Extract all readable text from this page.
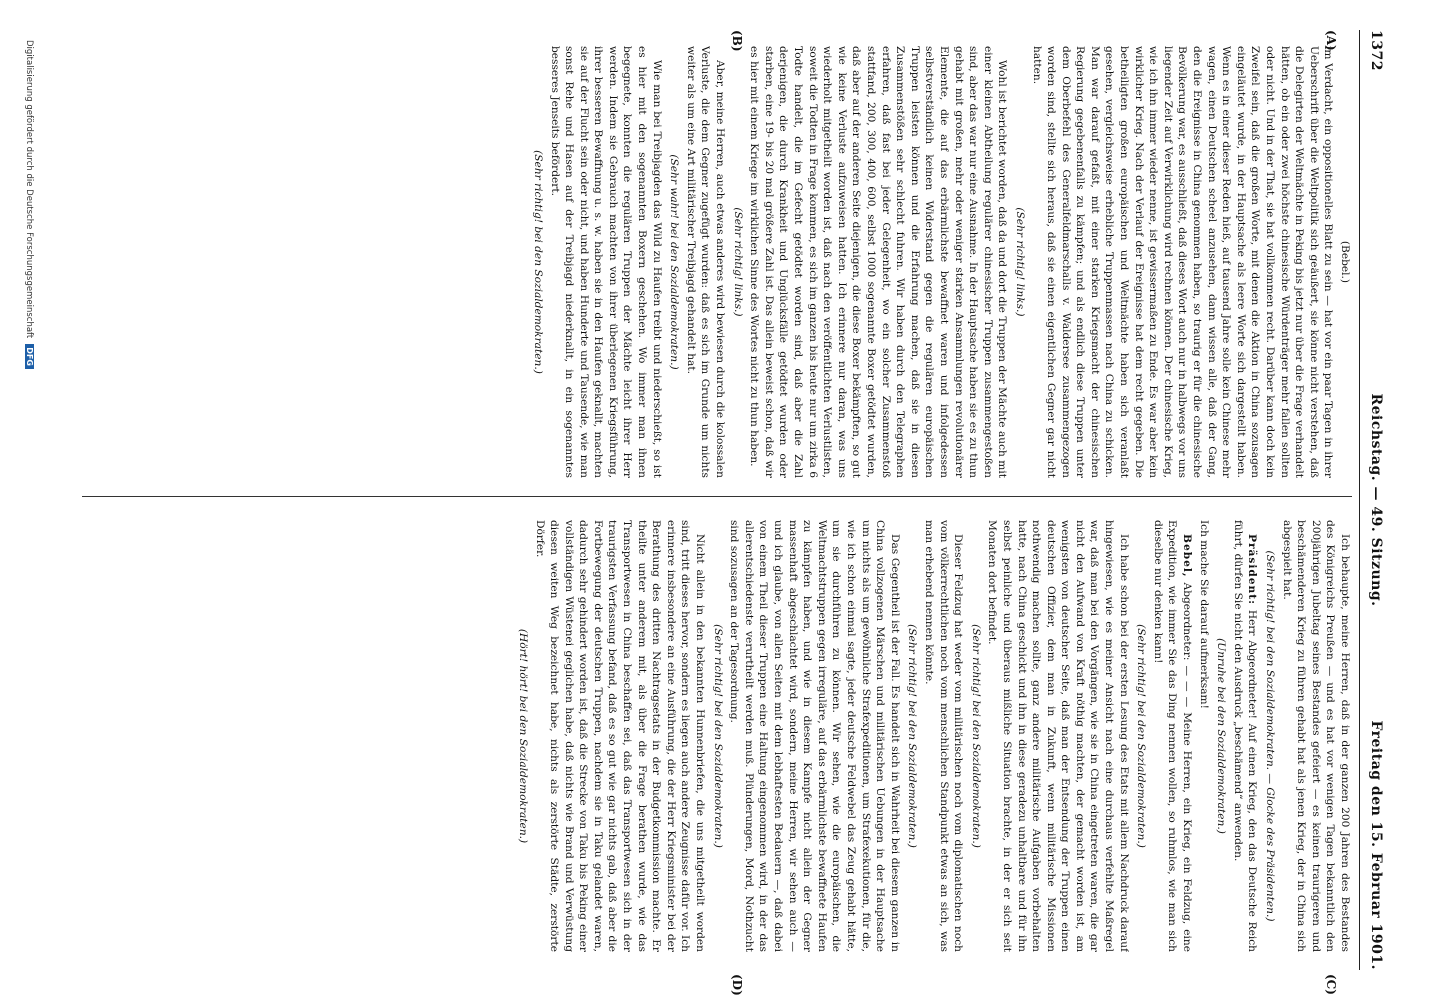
1372
Reichstag. — 49. Sitzung.
Freitag den 15. Februar 1901.
(A)
(B)
(C)
(D)

(Bebel.)

im Verdacht, ein oppositionelles Blatt zu sein — hat vor ein paar Tagen in ihrer Ueberschrift über die Weltpolitik sich geäußert, sie könne nicht verstehen, daß die Delegirten der Weltmächte in Peking bis jetzt nur über die Frage verhandelt hätten, ob ein oder zwei höchste chinesische Würdenträger mehr fallen sollten oder nicht. Und in der That, sie hat vollkommen recht. Darüber kann doch kein Zweifel sein, daß die großen Worte, mit denen die Aktion in China sozusagen eingeläutet wurde, in der Hauptsache als leere Worte sich dargestellt haben. Wenn es in einer dieser Reden hieß, auf tausend Jahre solle kein Chinese mehr wagen, einen Deutschen scheel anzusehen, dann wissen alle, daß der Gang, den die Ereignisse in China genommen haben, so traurig er für die chinesische Bevölkerung war, es ausschließt, daß dieses Wort auch nur in halbwegs vor uns liegender Zeit auf Verwirklichung wird rechnen können. Der chinesische Krieg, wie ich ihn immer wieder nenne, ist gewissermaßen zu Ende. Es war aber kein wirklicher Krieg. Nach der Verlauf der Ereignisse hat dem recht gegeben. Die betheiligten großen europäischen und Weltmächte haben sich veranlaßt gesehen, vergleichsweise erhebliche Truppenmassen nach China zu schicken. Man war darauf gefaßt, mit einer starken Kriegsmacht der chinesischen Regierung gegebenenfalls zu kämpfen; und als endlich diese Truppen unter dem Oberbefehl des Generalfeldmarschalls v. Waldersee zusammengezogen worden sind, stellte sich heraus, daß sie einen eigentlichen Gegner gar nicht hatten.

(Sehr richtig! links.)

Wohl ist berichtet worden, daß da und dort die Truppen der Mächte auch mit einer kleinen Abtheilung regulärer chinesischer Truppen zusammengestoßen sind, aber das war nur eine Ausnahme. In der Hauptsache haben sie es zu thun gehabt mit großen, mehr oder weniger starken Ansammlungen revolutionärer Elemente, die auf das erbärmlichste bewaffnet waren und infolgedessen selbstverständlich keinen Widerstand gegen die regulären europäischen Truppen leisten können und die Erfahrung machen, daß sie in diesen Zusammenstößen sehr schlecht fuhren. Wir haben durch den Telegraphen erfahren, daß fast bei jeder Gelegenheit, wo ein solcher Zusammenstoß stattfand, 200, 300, 400, 600, selbst 1000 sogenannte Boxer getödtet wurden, daß aber auf der anderen Seite diejenigen, die diese Boxer bekämpften, so gut wie keine Verluste aufzuweisen hatten. Ich erinnere nur daran, was uns wiederholt mitgetheilt worden ist, daß nach den veröffentlichten Verlustlisten, soweit die Todten in Frage kommen, es sich im ganzen bis heute nur um zirka 6 Todte handelt, die im Gefecht getödtet worden sind, daß aber die Zahl derjenigen, die durch Krankheit und Unglücksfälle getödtet wurden oder starben, eine 19- bis 20 mal größere Zahl ist. Das allein beweist schon, daß wir es hier mit einem Kriege im wirklichen Sinne des Wortes nicht zu thun haben.

(Sehr richtig! links.)

Aber, meine Herren, auch etwas anderes wird bewiesen durch die kolossalen Verluste, die dem Gegner zugefügt wurden: daß es sich im Grunde um nichts weiter als um eine Art militärischer Treibjagd gehandelt hat.

(Sehr wahr! bei den Sozialdemokraten.)

Wie man bei Treibjagden das Wild zu Haufen treibt und niederschießt, so ist es hier mit den sogenannten Boxern geschehen. Wo immer man ihnen begegnete, konnten die regulären Truppen der Mächte leicht ihrer Herr werden. Indem sie Gebrauch machten von ihrer überlegenen Kriegsführung, ihrer besseren Bewaffnung u. s. w. haben sie in den Haufen geknallt, machten sie auf der Flucht sein oder nicht, und haben Hunderte und Tausende, wie man sonst Rehe und Hasen auf der Treibjagd niederknallt, in ein sogenanntes besseres Jenseits befördert.

(Sehr richtig! bei den Sozialdemokraten.)

Ich behaupte, meine Herren, daß in der ganzen 200 Jahren des Bestandes des Königreichs Preußen — und es hat vor wenigen Tagen bekanntlich den 200jährigen Jubeltag seines Bestandes gefeiert — es keinen traurigeren und beschämenderen Krieg zu führen gehabt hat als jenen Krieg, der in China sich abgespielt hat.

(Sehr richtig! bei den Sozialdemokraten. — Glocke des Präsidenten.)

Präsident: Herr Abgeordneter! Auf einen Krieg, den das Deutsche Reich führt, dürfen Sie nicht den Ausdruck „beschämend“ anwenden.

(Unruhe bei den Sozialdemokraten.)

Ich mache Sie darauf aufmerksam!

Bebel, Abgeordneter: — — — Meine Herren, ein Krieg, ein Feldzug, eine Expedition, wie immer Sie das Ding nennen wollen, so ruhmlos, wie man sich dieselbe nur denken kann!

(Sehr richtig! bei den Sozialdemokraten.)

Ich habe schon bei der ersten Lesung des Etats mit allem Nachdruck darauf hingewiesen, wie es meiner Ansicht nach eine durchaus verfehlte Maßregel war, daß man bei den Vorgängen, wie sie in China eingetreten waren, die gar nicht den Aufwand von Kraft nöthig machten, der gemacht worden ist, am wenigsten von deutscher Seite, daß man der Entsendung der Truppen einen deutschen Offizier, dem man in Zukunft, wenn militärische Missionen nothwendig machen sollte, ganz andere militärische Aufgaben vorbehalten hatte, nach China geschickt und ihn in diese geradezu unhaltbare und für ihn selbst peinliche und überaus mißliche Situation brachte, in der er sich seit Monaten dort befindet.

(Sehr richtig! bei den Sozialdemokraten.)

Dieser Feldzug hat weder vom militärischen noch vom diplomatischen noch vom völkerrechtlichen noch vom menschlichen Standpunkt etwas an sich, was man erhebend nennen könnte.

(Sehr richtig! bei den Sozialdemokraten.)

Das Gegentheil ist der Fall. Es handelt sich in Wahrheit bei diesem ganzen in China vollzogenen Märschen und militärischen Uebungen in der Hauptsache um nichts als um gewöhnliche Strafexpeditionen, um Strafexekutionen, für die, wie ich schon einmal sagte, jeder deutsche Feldwebel das Zeug gehabt hätte, um sie durchführen zu können. Wir sehen, wie die europäischen, die Weltmachtstruppen gegen irreguläre, auf das erbärmlichste bewaffnete Haufen zu kämpfen haben, und wie in diesem Kampfe nicht allein der Gegner massenhaft abgeschlachtet wird, sondern, meine Herren, wir sehen auch — und ich glaube, von allen Seiten mit dem lebhaftesten Bedauern —, daß dabei von einem Theil dieser Truppen eine Haltung eingenommen wird, in der das allerentschiedenste verurtheilt werden muß. Plünderungen, Mord, Nothzucht sind sozusagen an der Tagesordnung.

(Sehr richtig! bei den Sozialdemokraten.)

Nicht allein in den bekannten Hunnenbriefen, die uns mitgetheilt worden sind, tritt dieses hervor, sondern es liegen auch andere Zeugnisse dafür vor. Ich erinnere insbesondere an eine Ausführung, die der Herr Kriegsminister bei der Berathung des dritten Nachtragsetats in der Budgetkommission machte. Er theilte unter anderem mit, als über die Frage berathen wurde, wie das Transportwesen in China beschaffen sei, daß das Transportwesen sich in der traurigsten Verfassung befand, daß es so gut wie gar nichts gab, daß aber die Fortbewegung der deutschen Truppen, nachdem sie in Taku gelandet waren, dadurch sehr gehindert worden ist, daß die Strecke von Taku bis Peking einer vollständigen Wüstenei geglichen habe, daß nichts wie Brand und Verwüstung diesen weiten Weg bezeichnet habe, nichts als zerstörte Städte, zerstörte Dörfer.

(Hört! hört! bei den Sozialdemokraten.)
Digitalisierung gefördert durch die Deutsche ForschungsgemeinschaftDFG
